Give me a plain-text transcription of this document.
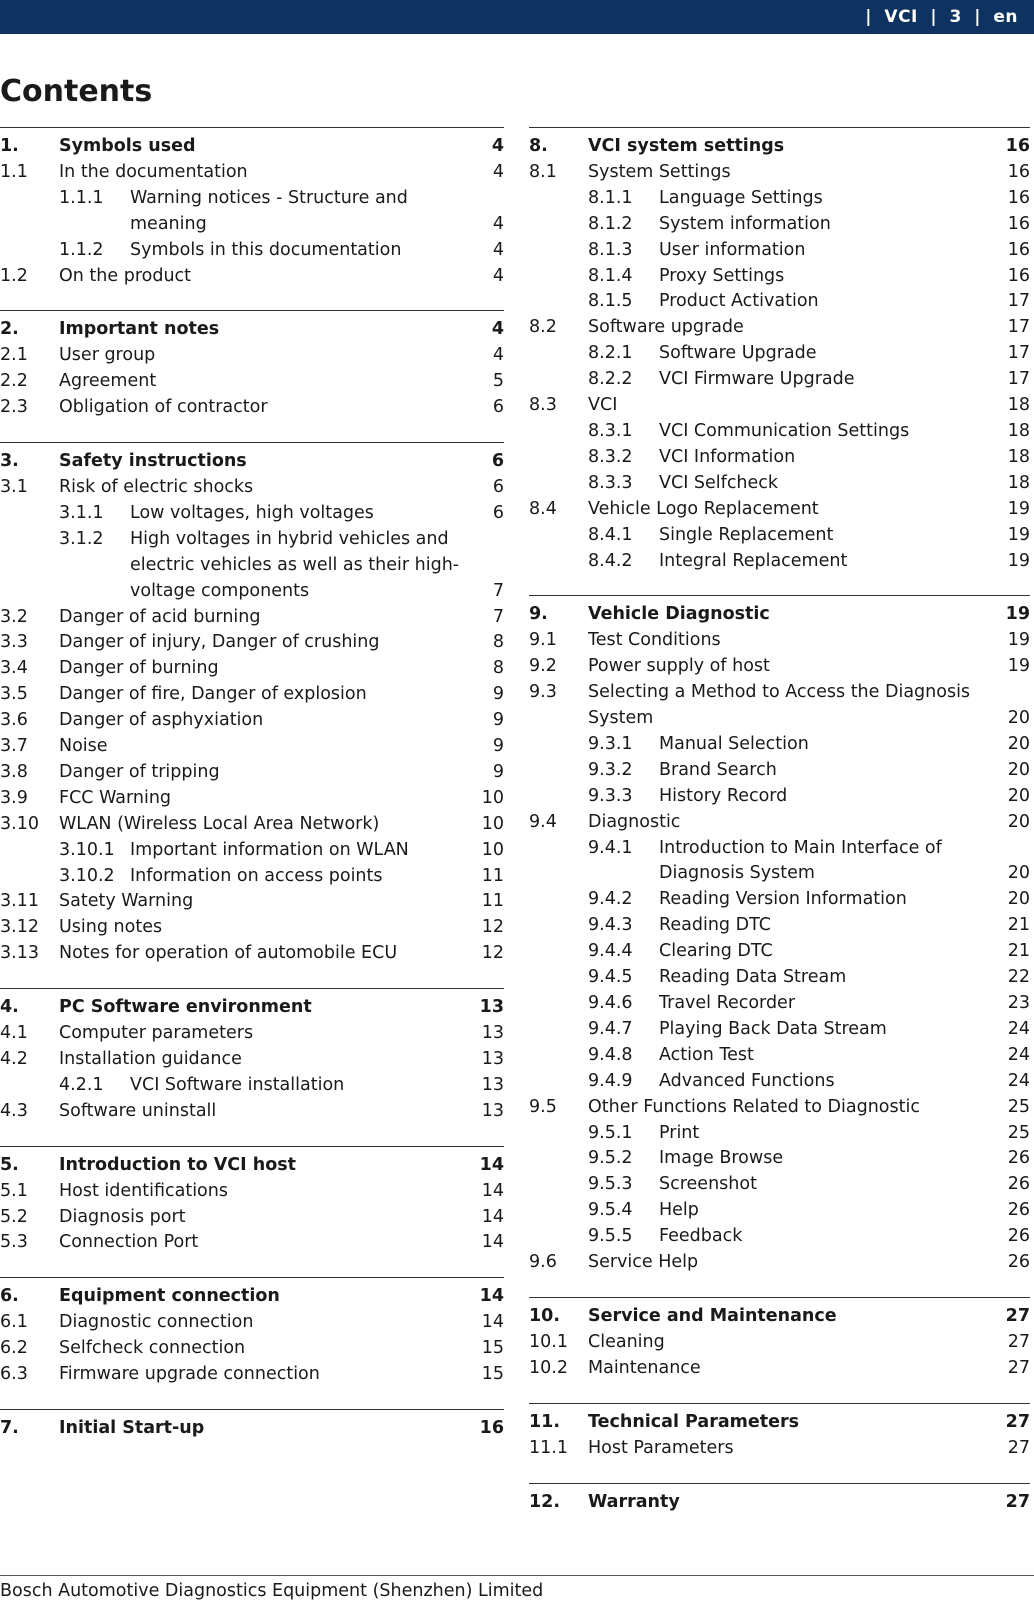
| VCI | 3 | en
Contents
1.	Symbols used	4
1.1	In the documentation	4
1.1.1	Warning notices - Structure and meaning	4
1.1.2	Symbols in this documentation	4
1.2	On the product	4
2.	Important notes	4
2.1	User group	4
2.2	Agreement	5
2.3	Obligation of contractor	6
3.	Safety instructions	6
3.1	Risk of electric shocks	6
3.1.1	Low voltages, high voltages	6
3.1.2	High voltages in hybrid vehicles and electric vehicles as well as their high-voltage components	7
3.2	Danger of acid burning	7
3.3	Danger of injury, Danger of crushing	8
3.4	Danger of burning	8
3.5	Danger of fire, Danger of explosion	9
3.6	Danger of asphyxiation	9
3.7	Noise	9
3.8	Danger of tripping	9
3.9	FCC Warning	10
3.10	WLAN (Wireless Local Area Network)	10
3.10.1 Important information on WLAN	10
3.10.2 Information on access points	11
3.11	Satety Warning	11
3.12	Using notes	12
3.13	Notes for operation of automobile ECU	12
4.	PC Software environment	13
4.1	Computer parameters	13
4.2	Installation guidance	13
4.2.1	VCI Software installation	13
4.3	Software uninstall	13
5.	Introduction to VCI host	14
5.1	Host identifications	14
5.2	Diagnosis port	14
5.3	Connection Port	14
6.	Equipment connection	14
6.1	Diagnostic connection	14
6.2	Selfcheck connection	15
6.3	Firmware upgrade connection	15
7.	Initial Start-up	16
8.	VCI system settings	16
8.1	System Settings	16
8.1.1	Language Settings	16
8.1.2	System information	16
8.1.3	User information	16
8.1.4	Proxy Settings	16
8.1.5	Product Activation	17
8.2	Software upgrade	17
8.2.1	Software Upgrade	17
8.2.2	VCI Firmware Upgrade	17
8.3	VCI	18
8.3.1	VCI Communication Settings	18
8.3.2	VCI Information	18
8.3.3	VCI Selfcheck	18
8.4	Vehicle Logo Replacement	19
8.4.1	Single Replacement	19
8.4.2	Integral Replacement	19
9.	Vehicle Diagnostic	19
9.1	Test Conditions	19
9.2	Power supply of host	19
9.3	Selecting a Method to Access the Diagnosis System	20
9.3.1	Manual Selection	20
9.3.2	Brand Search	20
9.3.3	History Record	20
9.4	Diagnostic	20
9.4.1	Introduction to Main Interface of Diagnosis System	20
9.4.2	Reading Version Information	20
9.4.3	Reading DTC	21
9.4.4	Clearing DTC	21
9.4.5	Reading Data Stream	22
9.4.6	Travel Recorder	23
9.4.7	Playing Back Data Stream	24
9.4.8	Action Test	24
9.4.9	Advanced Functions	24
9.5	Other Functions Related to Diagnostic	25
9.5.1	Print	25
9.5.2	Image Browse	26
9.5.3	Screenshot	26
9.5.4	Help	26
9.5.5	Feedback	26
9.6	Service Help	26
10.	Service and Maintenance	27
10.1	Cleaning	27
10.2	Maintenance	27
11.	Technical Parameters	27
11.1	Host Parameters	27
12.	Warranty	27
Bosch Automotive Diagnostics Equipment (Shenzhen) Limited
